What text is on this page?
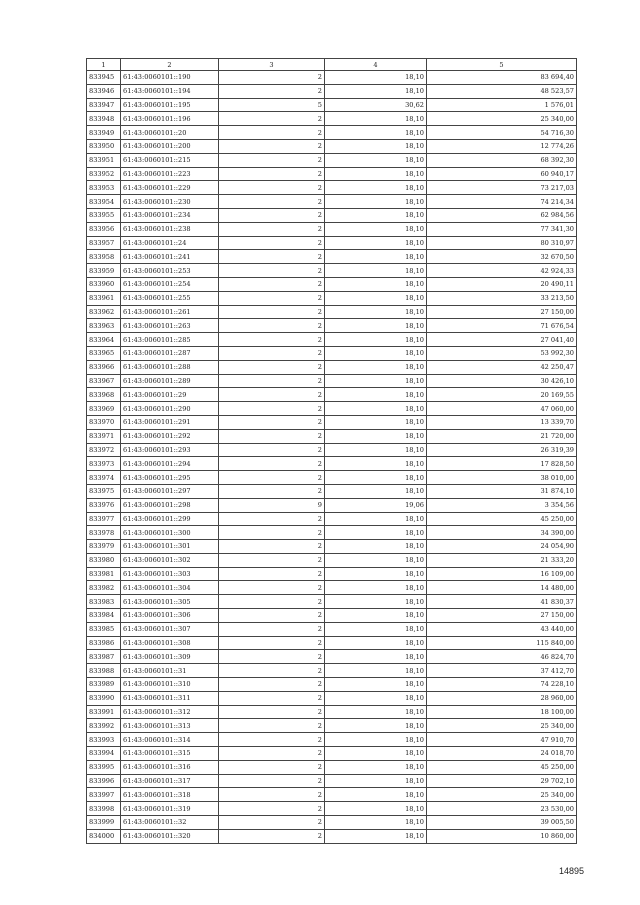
1	2	3	4	5
833945	61:43:0060101::190	2	18,10	83 694,40
833946	61:43:0060101::194	2	18,10	48 523,57
833947	61:43:0060101::195	5	30,62	1 576,01
833948	61:43:0060101::196	2	18,10	25 340,00
833949	61:43:0060101::20	2	18,10	54 716,30
833950	61:43:0060101::200	2	18,10	12 774,26
833951	61:43:0060101::215	2	18,10	68 392,30
833952	61:43:0060101::223	2	18,10	60 940,17
833953	61:43:0060101::229	2	18,10	73 217,03
833954	61:43:0060101::230	2	18,10	74 214,34
833955	61:43:0060101::234	2	18,10	62 984,56
833956	61:43:0060101::238	2	18,10	77 341,30
833957	61:43:0060101::24	2	18,10	80 310,97
833958	61:43:0060101::241	2	18,10	32 670,50
833959	61:43:0060101::253	2	18,10	42 924,33
833960	61:43:0060101::254	2	18,10	20 490,11
833961	61:43:0060101::255	2	18,10	33 213,50
833962	61:43:0060101::261	2	18,10	27 150,00
833963	61:43:0060101::263	2	18,10	71 676,54
833964	61:43:0060101::285	2	18,10	27 041,40
833965	61:43:0060101::287	2	18,10	53 992,30
833966	61:43:0060101::288	2	18,10	42 250,47
833967	61:43:0060101::289	2	18,10	30 426,10
833968	61:43:0060101::29	2	18,10	20 169,55
833969	61:43:0060101::290	2	18,10	47 060,00
833970	61:43:0060101::291	2	18,10	13 339,70
833971	61:43:0060101::292	2	18,10	21 720,00
833972	61:43:0060101::293	2	18,10	26 319,39
833973	61:43:0060101::294	2	18,10	17 828,50
833974	61:43:0060101::295	2	18,10	38 010,00
833975	61:43:0060101::297	2	18,10	31 874,10
833976	61:43:0060101::298	9	19,06	3 354,56
833977	61:43:0060101::299	2	18,10	45 250,00
833978	61:43:0060101::300	2	18,10	34 390,00
833979	61:43:0060101::301	2	18,10	24 054,90
833980	61:43:0060101::302	2	18,10	21 333,20
833981	61:43:0060101::303	2	18,10	16 109,00
833982	61:43:0060101::304	2	18,10	14 480,00
833983	61:43:0060101::305	2	18,10	41 830,37
833984	61:43:0060101::306	2	18,10	27 150,00
833985	61:43:0060101::307	2	18,10	43 440,00
833986	61:43:0060101::308	2	18,10	115 840,00
833987	61:43:0060101::309	2	18,10	46 824,70
833988	61:43:0060101::31	2	18,10	37 412,70
833989	61:43:0060101::310	2	18,10	74 228,10
833990	61:43:0060101::311	2	18,10	28 960,00
833991	61:43:0060101::312	2	18,10	18 100,00
833992	61:43:0060101::313	2	18,10	25 340,00
833993	61:43:0060101::314	2	18,10	47 910,70
833994	61:43:0060101::315	2	18,10	24 018,70
833995	61:43:0060101::316	2	18,10	45 250,00
833996	61:43:0060101::317	2	18,10	29 702,10
833997	61:43:0060101::318	2	18,10	25 340,00
833998	61:43:0060101::319	2	18,10	23 530,00
833999	61:43:0060101::32	2	18,10	39 005,50
834000	61:43:0060101::320	2	18,10	10 860,00
14895
